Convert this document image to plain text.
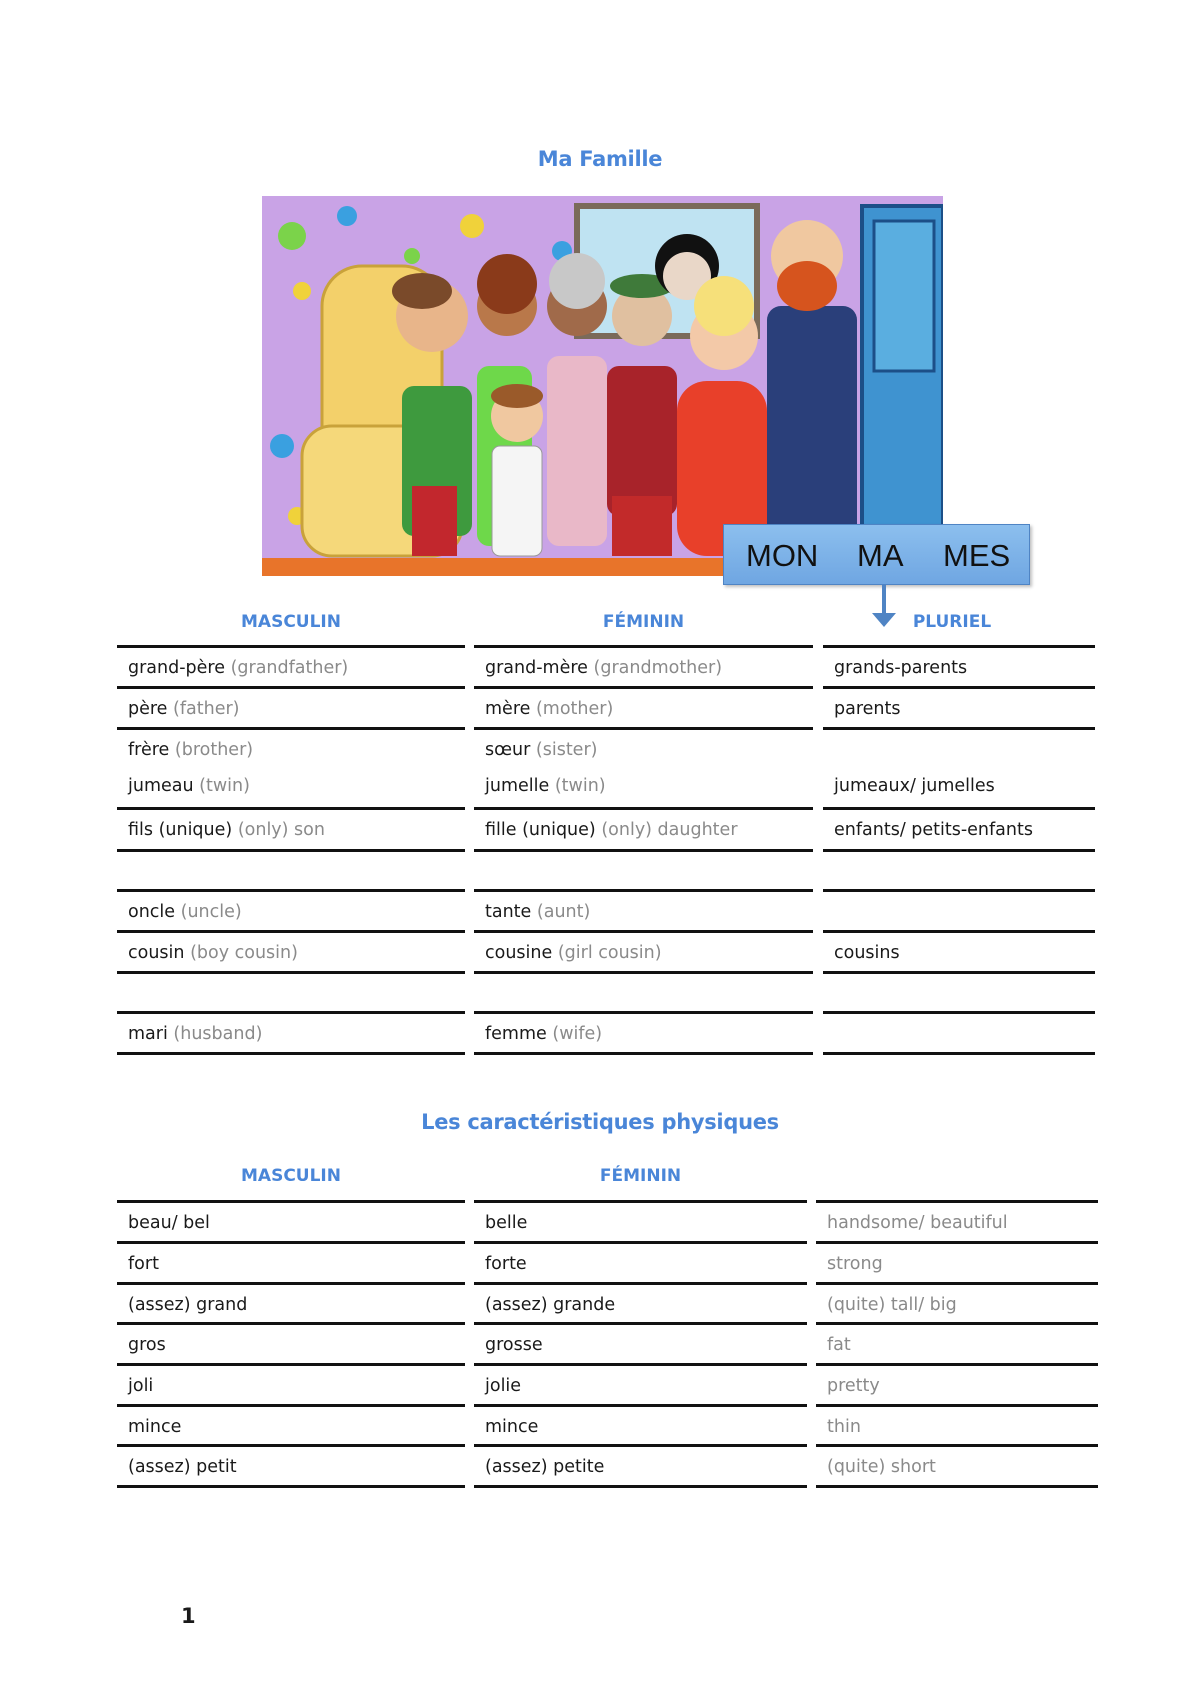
Ma Famille
MON MA MES
MASCULIN	FÉMININ	PLURIEL
grand-père (grandfather)	grand-mère (grandmother)	grands-parents
père (father)	mère (mother)	parents
frère (brother)	sœur (sister)
jumeau (twin)	jumelle (twin)	jumeaux/ jumelles
fils (unique) (only) son	fille (unique) (only) daughter	enfants/ petits-enfants
oncle (uncle)	tante (aunt)
cousin (boy cousin)	cousine (girl cousin)	cousins
mari (husband)	femme (wife)
Les caractéristiques physiques
MASCULIN	FÉMININ
beau/ bel	belle	handsome/ beautiful
fort	forte	strong
(assez) grand	(assez) grande	(quite) tall/ big
gros	grosse	fat
joli	jolie	pretty
mince	mince	thin
(assez) petit	(assez) petite	(quite) short
1
